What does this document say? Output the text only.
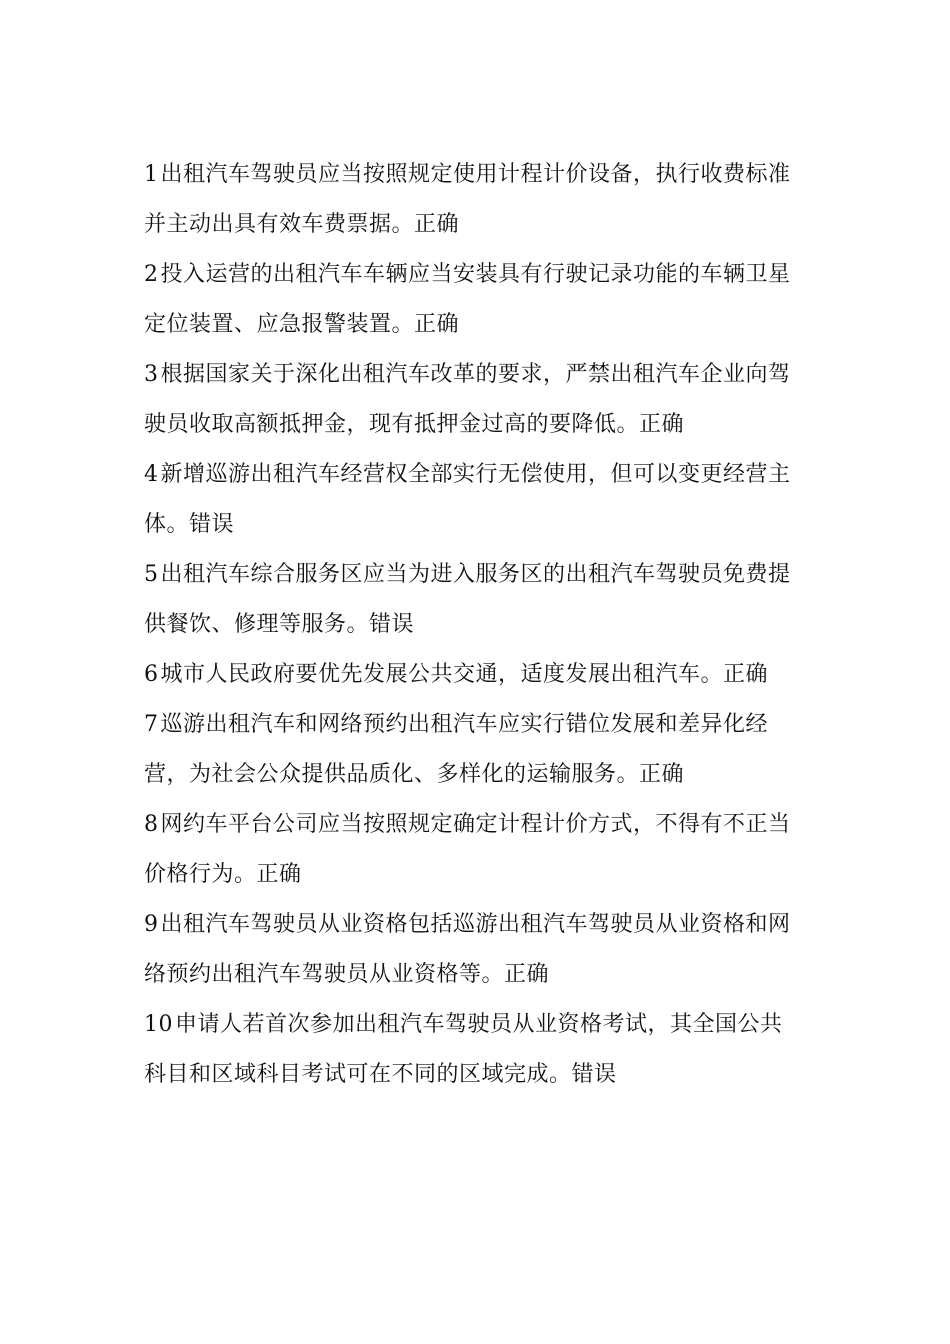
1出租汽车驾驶员应当按照规定使用计程计价设备，执行收费标准并主动出具有效车费票据。正确

2投入运营的出租汽车车辆应当安装具有行驶记录功能的车辆卫星定位装置、应急报警装置。正确

3根据国家关于深化出租汽车改革的要求，严禁出租汽车企业向驾驶员收取高额抵押金，现有抵押金过高的要降低。正确

4新增巡游出租汽车经营权全部实行无偿使用，但可以变更经营主体。错误

5出租汽车综合服务区应当为进入服务区的出租汽车驾驶员免费提供餐饮、修理等服务。错误

6城市人民政府要优先发展公共交通，适度发展出租汽车。正确

7巡游出租汽车和网络预约出租汽车应实行错位发展和差异化经营，为社会公众提供品质化、多样化的运输服务。正确

8网约车平台公司应当按照规定确定计程计价方式，不得有不正当价格行为。正确

9出租汽车驾驶员从业资格包括巡游出租汽车驾驶员从业资格和网络预约出租汽车驾驶员从业资格等。正确

10申请人若首次参加出租汽车驾驶员从业资格考试，其全国公共科目和区域科目考试可在不同的区域完成。错误
